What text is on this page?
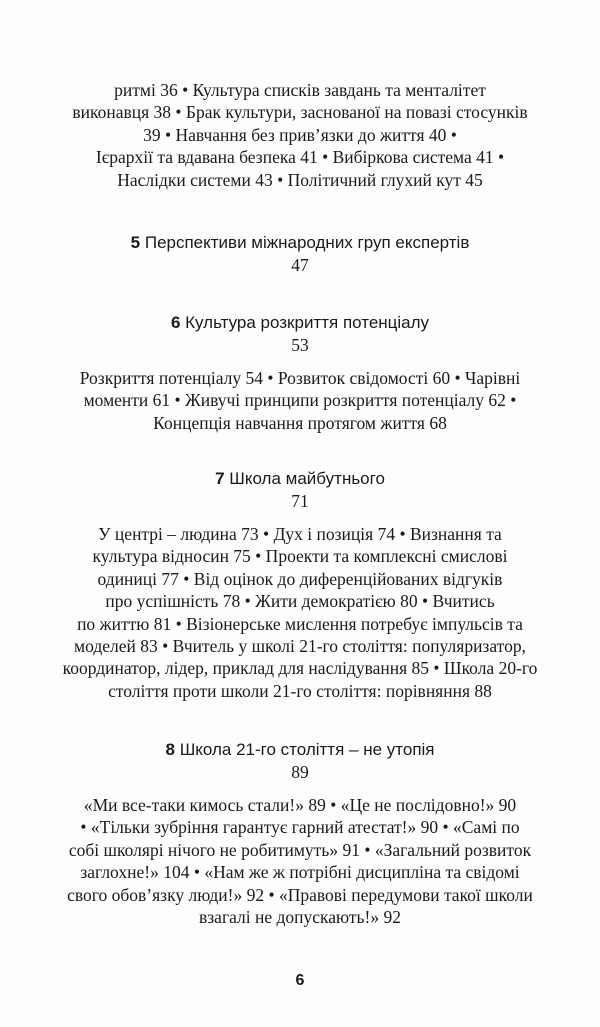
ритмі 36 • Культура списків завдань та менталітет
виконавця 38 • Брак культури, заснованої на повазі стосунків
39 • Навчання без прив’язки до життя 40 •
Ієрархії та вдавана безпека 41 • Вибіркова система 41 •
Наслідки системи 43 • Політичний глухий кут 45
5 Перспективи міжнародних груп експертів
47
6 Культура розкриття потенціалу
53
Розкриття потенціалу 54 • Розвиток свідомості 60 • Чарівні
моменти 61 • Живучі принципи розкриття потенціалу 62 •
Концепція навчання протягом життя 68
7 Школа майбутнього
71
У центрі – людина 73 • Дух і позиція 74 • Визнання та
культура відносин 75 • Проекти та комплексні смислові
одиниці 77 • Від оцінок до диференційованих відгуків
про успішність 78 • Жити демократією 80 • Вчитись
по життю 81 • Візіонерське мислення потребує імпульсів та
моделей 83 • Вчитель у школі 21-го століття: популяризатор,
координатор, лідер, приклад для наслідування 85 • Школа 20-го
століття проти школи 21-го століття: порівняння 88
8 Школа 21-го століття – не утопія
89
«Ми все-таки кимось стали!» 89 • «Це не послідовно!» 90
• «Тільки зубріння гарантує гарний атестат!» 90 • «Самі по
собі школярі нічого не робитимуть» 91 • «Загальний розвиток
заглохне!» 104 • «Нам же ж потрібні дисципліна та свідомі
свого обов’язку люди!» 92 • «Правові передумови такої школи
взагалі не допускають!» 92
6
